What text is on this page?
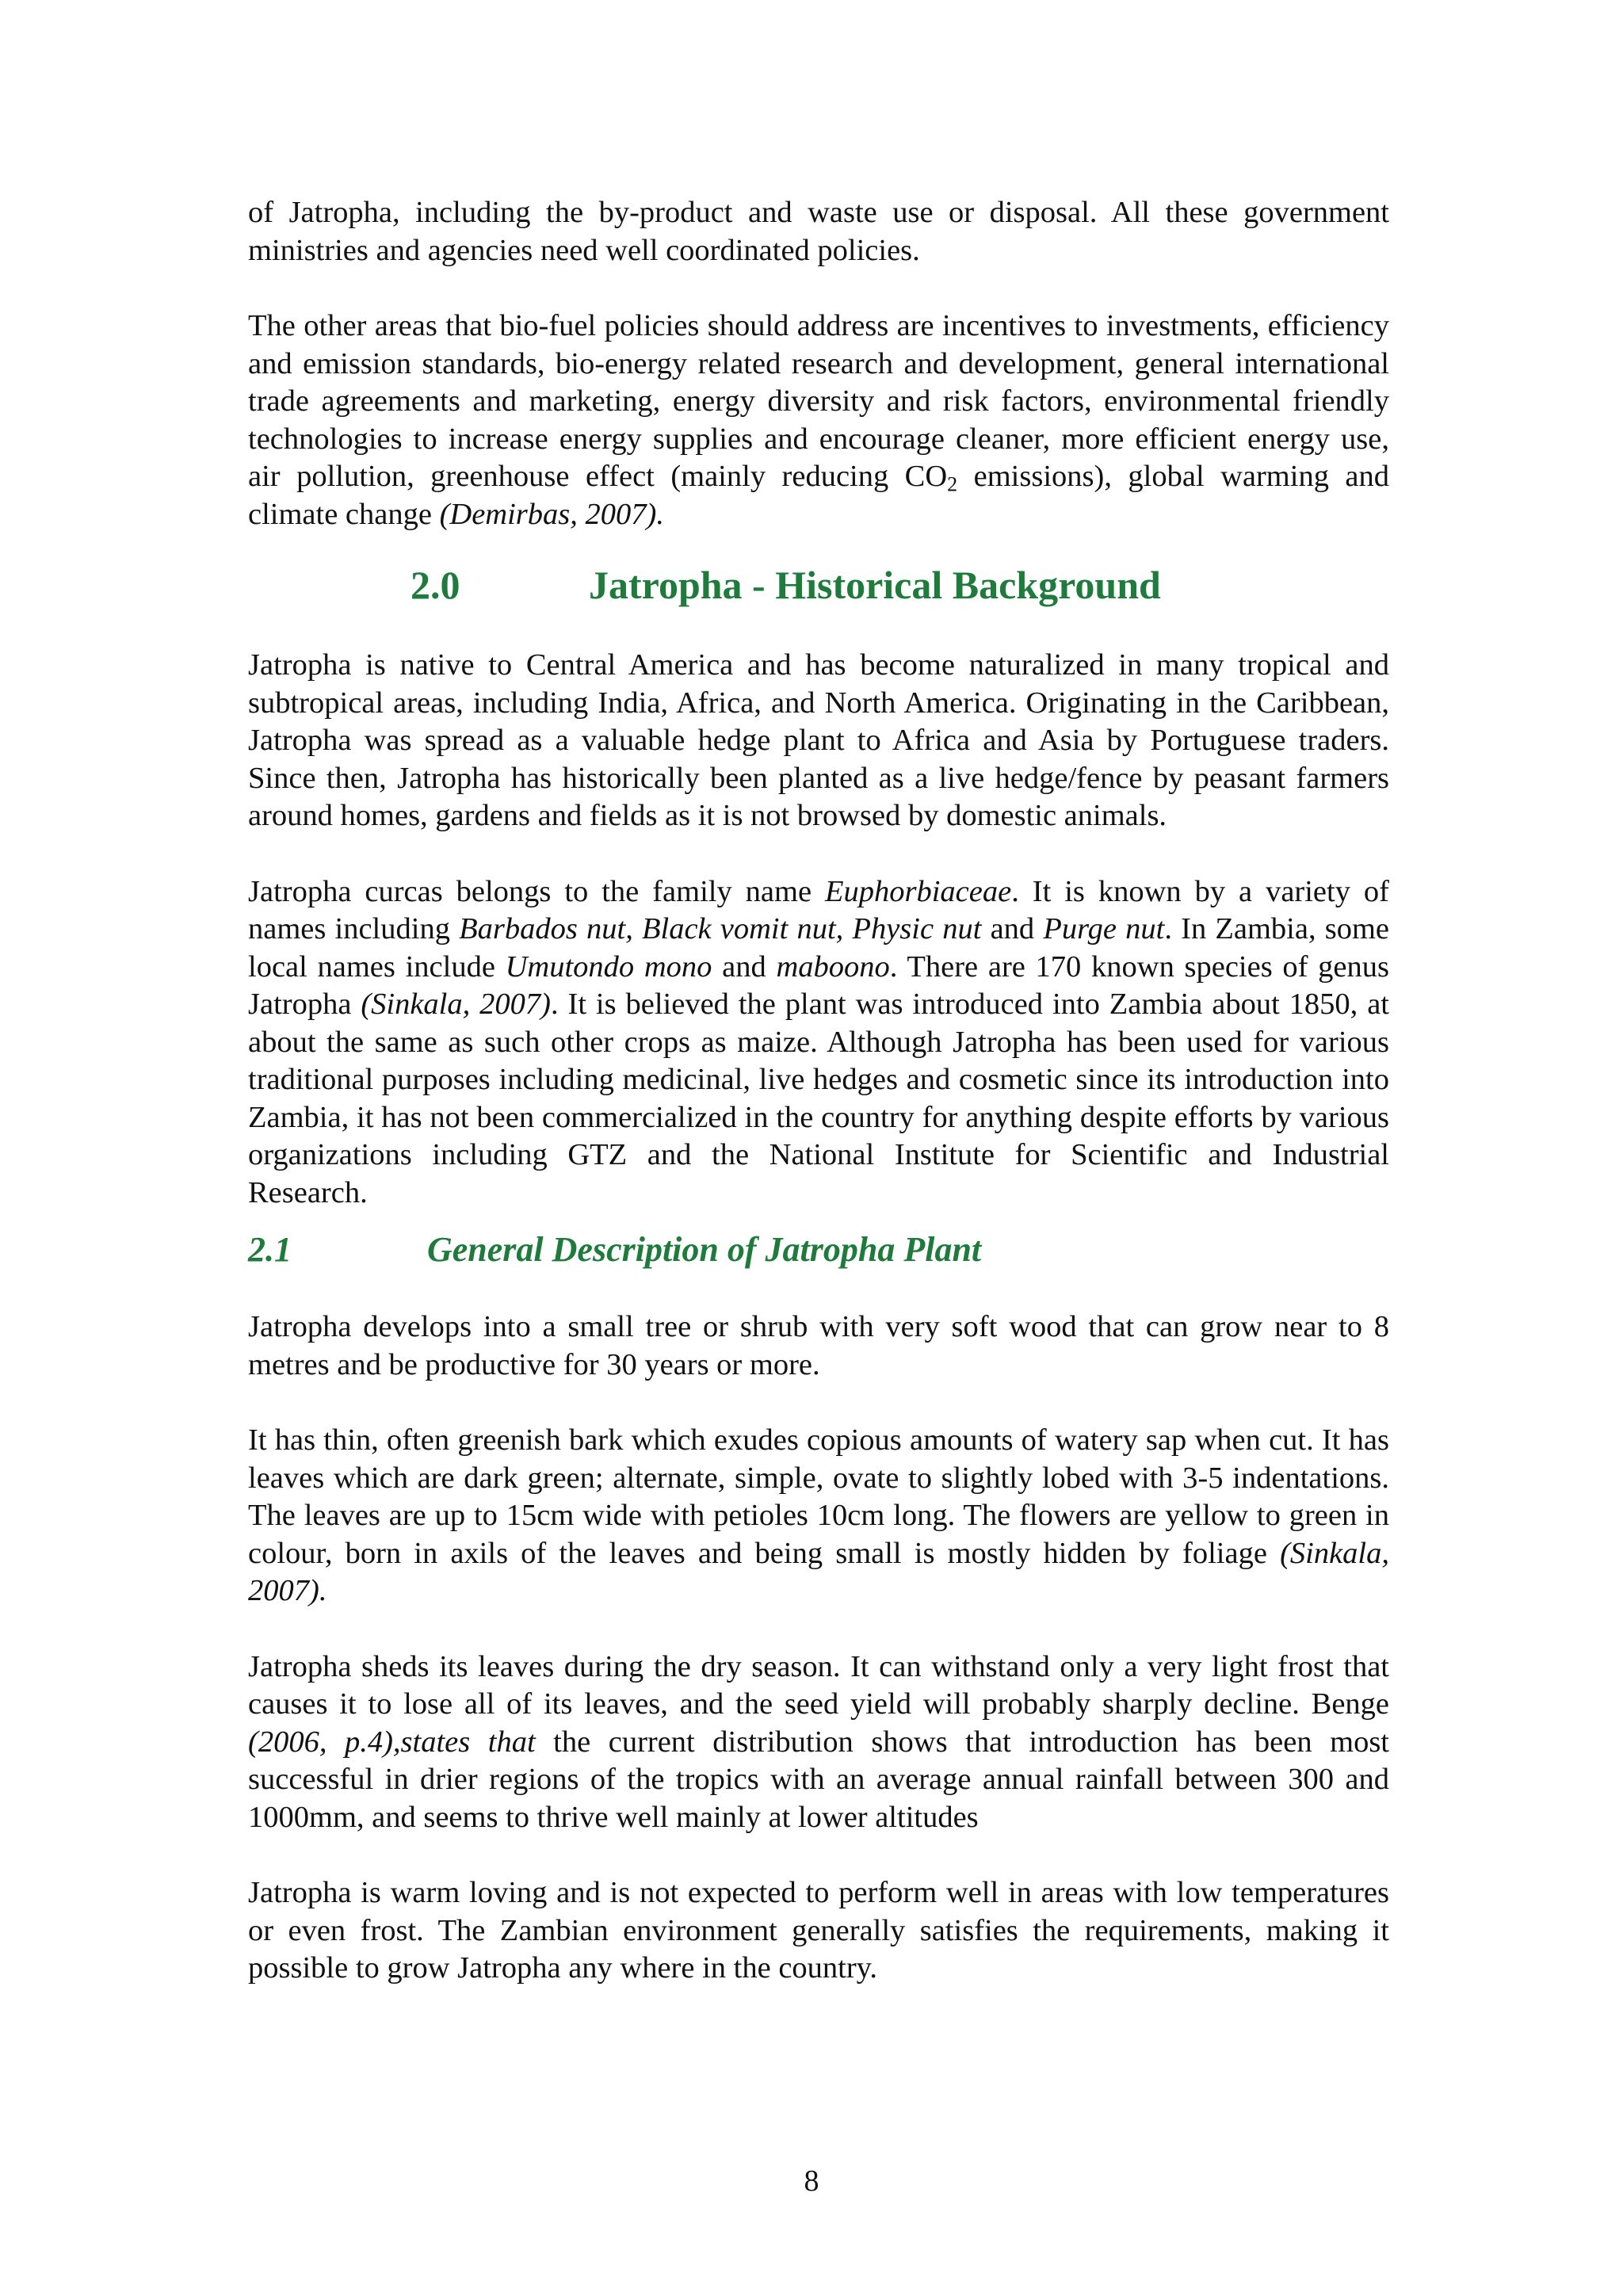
of Jatropha, including the by-product and waste use or disposal. All these government ministries and agencies need well coordinated policies.

The other areas that bio-fuel policies should address are incentives to investments, efficiency and emission standards, bio-energy related research and development, general international trade agreements and marketing, energy diversity and risk factors, environmental friendly technologies to increase energy supplies and encourage cleaner, more efficient energy use, air pollution, greenhouse effect (mainly reducing $CO_2$ emissions), global warming and climate change (Demirbas, 2007).

2.0	Jatropha - Historical Background

Jatropha is native to Central America and has become naturalized in many tropical and subtropical areas, including India, Africa, and North America. Originating in the Caribbean, Jatropha was spread as a valuable hedge plant to Africa and Asia by Portuguese traders. Since then, Jatropha has historically been planted as a live hedge/fence by peasant farmers around homes, gardens and fields as it is not browsed by domestic animals.

Jatropha curcas belongs to the family name Euphorbiaceae. It is known by a variety of names including Barbados nut, Black vomit nut, Physic nut and Purge nut. In Zambia, some local names include Umutondo mono and maboono. There are 170 known species of genus Jatropha (Sinkala, 2007). It is believed the plant was introduced into Zambia about 1850, at about the same as such other crops as maize. Although Jatropha has been used for various traditional purposes including medicinal, live hedges and cosmetic since its introduction into Zambia, it has not been commercialized in the country for anything despite efforts by various organizations including GTZ and the National Institute for Scientific and Industrial Research.

2.1	General Description of Jatropha Plant

Jatropha develops into a small tree or shrub with very soft wood that can grow near to 8 metres and be productive for 30 years or more.

It has thin, often greenish bark which exudes copious amounts of watery sap when cut. It has leaves which are dark green; alternate, simple, ovate to slightly lobed with 3-5 indentations. The leaves are up to 15cm wide with petioles 10cm long. The flowers are yellow to green in colour, born in axils of the leaves and being small is mostly hidden by foliage (Sinkala, 2007).

Jatropha sheds its leaves during the dry season. It can withstand only a very light frost that causes it to lose all of its leaves, and the seed yield will probably sharply decline. Benge (2006, p.4),states that the current distribution shows that introduction has been most successful in drier regions of the tropics with an average annual rainfall between 300 and 1000mm, and seems to thrive well mainly at lower altitudes

Jatropha is warm loving and is not expected to perform well in areas with low temperatures or even frost. The Zambian environment generally satisfies the requirements, making it possible to grow Jatropha any where in the country.

8
